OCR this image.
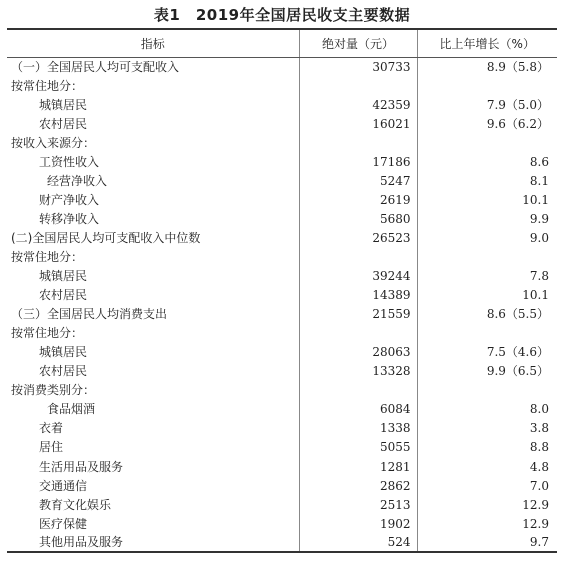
表1　2019年全国居民收支主要数据
指标	绝对量（元）	比上年增长（%）
（一）全国居民人均可支配收入	30733	8.9（5.8）
按常住地分：		
城镇居民	42359	7.9（5.0）
农村居民	16021	9.6（6.2）
按收入来源分：		
工资性收入	17186	8.6
经营净收入	5247	8.1
财产净收入	2619	10.1
转移净收入	5680	9.9
(二)全国居民人均可支配收入中位数	26523	9.0
按常住地分：		
城镇居民	39244	7.8
农村居民	14389	10.1
（三）全国居民人均消费支出	21559	8.6（5.5）
按常住地分：		
城镇居民	28063	7.5（4.6）
农村居民	13328	9.9（6.5）
按消费类别分：		
食品烟酒	6084	8.0
衣着	1338	3.8
居住	5055	8.8
生活用品及服务	1281	4.8
交通通信	2862	7.0
教育文化娱乐	2513	12.9
医疗保健	1902	12.9
其他用品及服务	524	9.7
